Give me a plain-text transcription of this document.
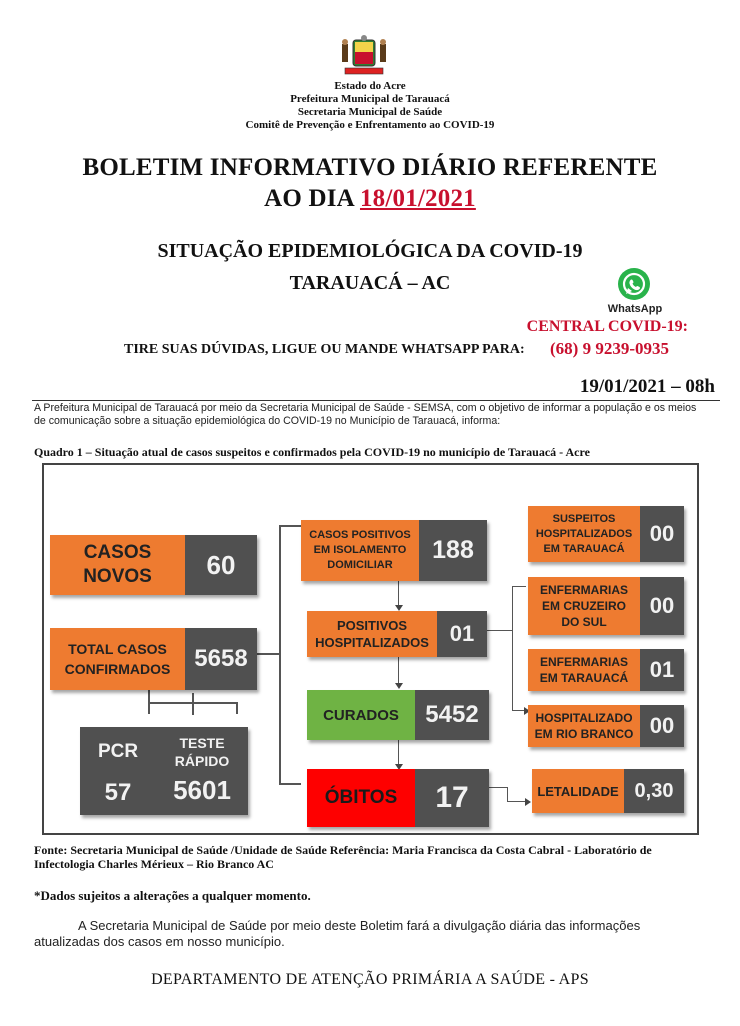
Estado do Acre
Prefeitura Municipal de Tarauacá
Secretaria Municipal de Saúde
Comitê de Prevenção e Enfrentamento ao COVID-19
BOLETIM INFORMATIVO DIÁRIO REFERENTE
AO DIA 18/01/2021
SITUAÇÃO EPIDEMIOLÓGICA DA COVID-19
TARAUACÁ – AC
WhatsApp
CENTRAL COVID-19:
TIRE SUAS DÚVIDAS, LIGUE OU MANDE WHATSAPP PARA: (68) 9 9239-0935
19/01/2021 – 08h
A Prefeitura Municipal de Tarauacá por meio da Secretaria Municipal de Saúde - SEMSA, com o objetivo de informar a população e os meios de comunicação sobre a situação epidemiológica do COVID-19 no Município de Tarauacá, informa:
Quadro 1 – Situação atual de casos suspeitos e confirmados pela COVID-19 no município de Tarauacá - Acre
CASOS
NOVOS	60
TOTAL CASOS
CONFIRMADOS 5658
PCR
57
TESTE
RÁPIDO
5601
CASOS POSITIVOS
EM ISOLAMENTO
DOMICILIAR
188
POSITIVOS
HOSPITALIZADOS 01
CURADOS	5452
ÓBITOS	17
SUSPEITOS
HOSPITALIZADOS
EM TARAUACÁ
00
ENFERMARIAS
EM CRUZEIRO
DO SUL
00
ENFERMARIAS
EM TARAUACÁ 01
HOSPITALIZADO
EM RIO BRANCO 00
LETALIDADE 0,30
Fonte: Secretaria Municipal de Saúde /Unidade de Saúde Referência: Maria Francisca da Costa Cabral - Laboratório de Infectologia Charles Mérieux – Rio Branco AC
*Dados sujeitos a alterações a qualquer momento.
A Secretaria Municipal de Saúde por meio deste Boletim fará a divulgação diária das informações atualizadas dos casos em nosso município.
DEPARTAMENTO DE ATENÇÃO PRIMÁRIA A SAÚDE - APS
